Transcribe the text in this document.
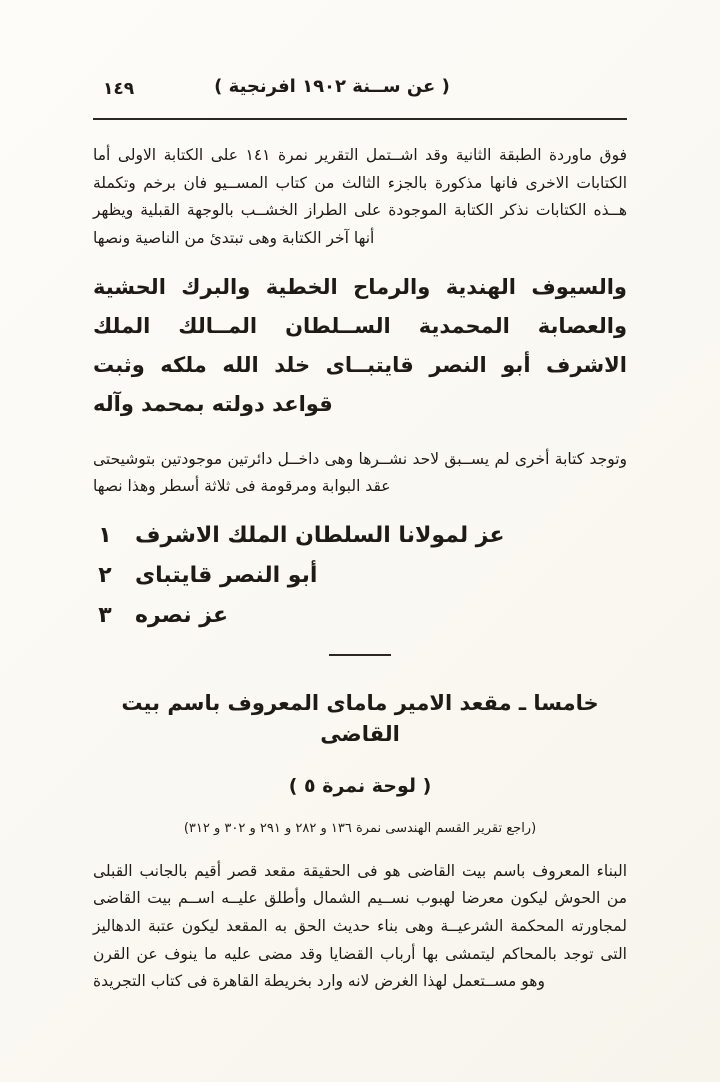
١٤٩	( عن ســنة ١٩٠٢ افرنجية )

فوق ماوردة الطبقة الثانية وقد اشــتمل التقرير نمرة ١٤١ على الكتابة الاولى أما الكتابات الاخرى فانها مذكورة بالجزء الثالث من كتاب المســيو فان برخم وتكملة هــذه الكتابات نذكر الكتابة الموجودة على الطراز الخشــب بالوجهة القبلية ويظهر أنها آخر الكتابة وهى تبتدئ من الناصية ونصها

والسيوف الهندية والرماح الخطية والبرك الحشية والعصابة المحمدية الســلطان المــالك الملك الاشرف أبو النصر قايتبــاى خلد الله ملكه وثبت قواعد دولته بمحمد وآله

وتوجد كتابة أخرى لم يســبق لاحد نشــرها وهى داخــل دائرتين موجودتين بتوشيحتى عقد البوابة ومرقومة فى ثلاثة أسطر وهذا نصها

١ عز لمولانا السلطان الملك الاشرف
٢ أبو النصر قايتباى
٣ عز نصره
خامسا ـ مقعد الامير ماماى المعروف باسم بيت القاضى

( لوحة نمرة ٥ )

(راجع تقرير القسم الهندسى نمرة ١٣٦ و ٢٨٢ و ٢٩١ و ٣٠٢ و ٣١٢)

البناء المعروف باسم بيت القاضى هو فى الحقيقة مقعد قصر أقيم بالجانب القبلى من الحوش ليكون معرضا لهبوب نســيم الشمال وأطلق عليــه اســم بيت القاضى لمجاورته المحكمة الشرعيــة وهى بناء حديث الحق به المقعد ليكون عتبة الدهاليز التى توجد بالمحاكم ليتمشى بها أرباب القضايا وقد مضى عليه ما ينوف عن القرن وهو مســتعمل لهذا الغرض لانه وارد بخريطة القاهرة فى كتاب التجريدة
